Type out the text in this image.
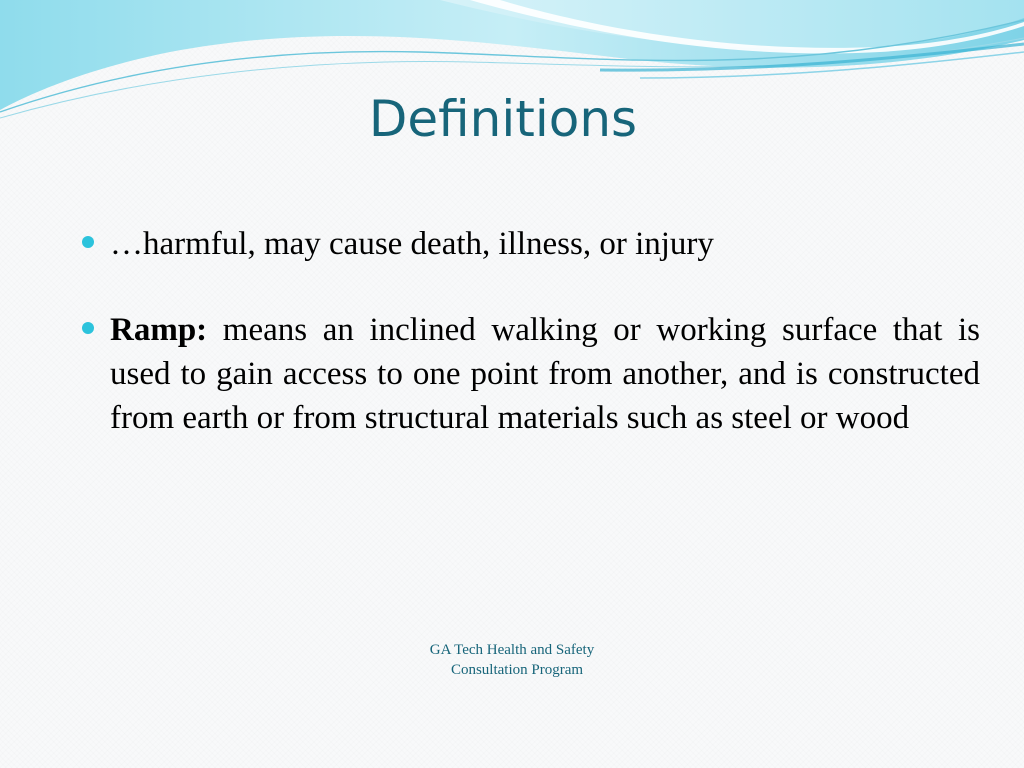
Definitions
…harmful, may cause death, illness, or injury
Ramp: means an inclined walking or working surface that is used to gain access to one point from another, and is constructed from earth or from structural materials such as steel or wood
GA Tech Health and Safety
Consultation Program
